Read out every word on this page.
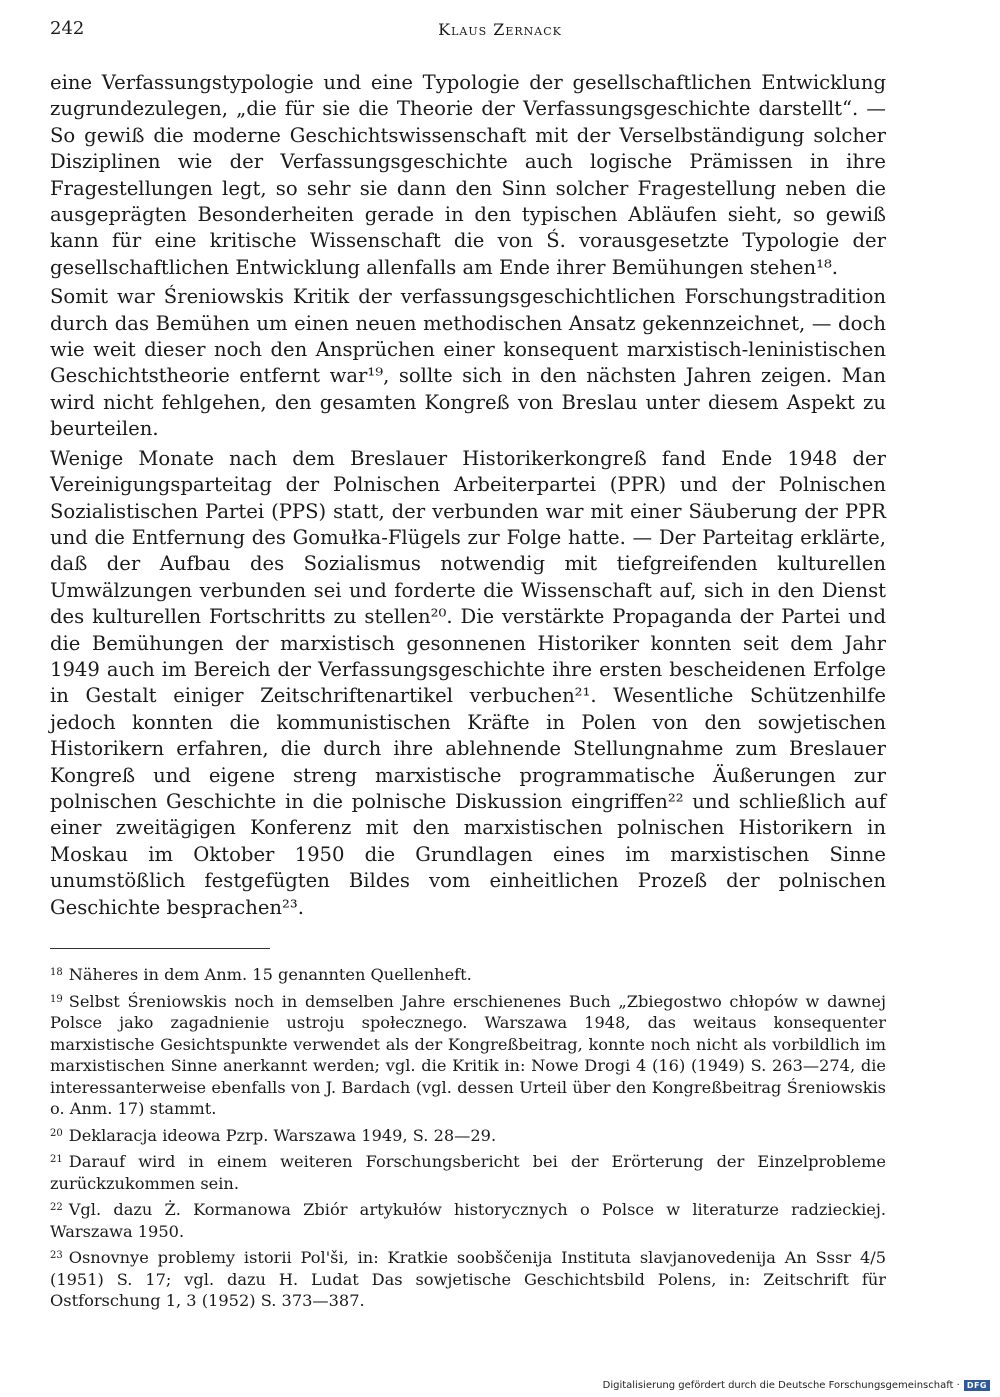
242	Klaus Zernack

eine Verfassungstypologie und eine Typologie der gesellschaftlichen Entwicklung zugrundezulegen, „die für sie die Theorie der Verfassungsgeschichte darstellt“. — So gewiß die moderne Geschichtswissenschaft mit der Verselbständigung solcher Disziplinen wie der Verfassungsgeschichte auch logische Prämissen in ihre Fragestellungen legt, so sehr sie dann den Sinn solcher Fragestellung neben die ausgeprägten Besonderheiten gerade in den typischen Abläufen sieht, so gewiß kann für eine kritische Wissenschaft die von Ś. vorausgesetzte Typologie der gesellschaftlichen Entwicklung allenfalls am Ende ihrer Bemühungen stehen¹⁸.

Somit war Śreniowskis Kritik der verfassungsgeschichtlichen Forschungstradition durch das Bemühen um einen neuen methodischen Ansatz gekennzeichnet, — doch wie weit dieser noch den Ansprüchen einer konsequent marxistisch-leninistischen Geschichtstheorie entfernt war¹⁹, sollte sich in den nächsten Jahren zeigen. Man wird nicht fehlgehen, den gesamten Kongreß von Breslau unter diesem Aspekt zu beurteilen.

Wenige Monate nach dem Breslauer Historikerkongreß fand Ende 1948 der Vereinigungsparteitag der Polnischen Arbeiterpartei (PPR) und der Polnischen Sozialistischen Partei (PPS) statt, der verbunden war mit einer Säuberung der PPR und die Entfernung des Gomułka-Flügels zur Folge hatte. — Der Parteitag erklärte, daß der Aufbau des Sozialismus notwendig mit tiefgreifenden kulturellen Umwälzungen verbunden sei und forderte die Wissenschaft auf, sich in den Dienst des kulturellen Fortschritts zu stellen²⁰. Die verstärkte Propaganda der Partei und die Bemühungen der marxistisch gesonnenen Historiker konnten seit dem Jahr 1949 auch im Bereich der Verfassungsgeschichte ihre ersten bescheidenen Erfolge in Gestalt einiger Zeitschriftenartikel verbuchen²¹. Wesentliche Schützenhilfe jedoch konnten die kommunistischen Kräfte in Polen von den sowjetischen Historikern erfahren, die durch ihre ablehnende Stellungnahme zum Breslauer Kongreß und eigene streng marxistische programmatische Äußerungen zur polnischen Geschichte in die polnische Diskussion eingriffen²² und schließlich auf einer zweitägigen Konferenz mit den marxistischen polnischen Historikern in Moskau im Oktober 1950 die Grundlagen eines im marxistischen Sinne unumstößlich festgefügten Bildes vom einheitlichen Prozeß der polnischen Geschichte besprachen²³.

$^{18}$ Näheres in dem Anm. 15 genannten Quellenheft.

$^{19}$ Selbst Śreniowskis noch in demselben Jahre erschienenes Buch „Zbiegostwo chłopów w dawnej Polsce jako zagadnienie ustroju społecznego. Warszawa 1948, das weitaus konsequenter marxistische Gesichtspunkte verwendet als der Kongreßbeitrag, konnte noch nicht als vorbildlich im marxistischen Sinne anerkannt werden; vgl. die Kritik in: Nowe Drogi 4 (16) (1949) S. 263—274, die interessanterweise ebenfalls von J. Bardach (vgl. dessen Urteil über den Kongreßbeitrag Śreniowskis o. Anm. 17) stammt.

$^{20}$ Deklaracja ideowa Pzrp. Warszawa 1949, S. 28—29.

$^{21}$ Darauf wird in einem weiteren Forschungsbericht bei der Erörterung der Einzelprobleme zurückzukommen sein.

$^{22}$ Vgl. dazu Ż. Kormanowa Zbiór artykułów historycznych o Polsce w literaturze radzieckiej. Warszawa 1950.

$^{23}$ Osnovnye problemy istorii Pol'ši, in: Kratkie soobščenija Instituta slavjanovedenija An Sssr 4/5 (1951) S. 17; vgl. dazu H. Ludat Das sowjetische Geschichtsbild Polens, in: Zeitschrift für Ostforschung 1, 3 (1952) S. 373—387.

Digitalisierung gefördert durch die Deutsche Forschungsgemeinschaft · DFG
